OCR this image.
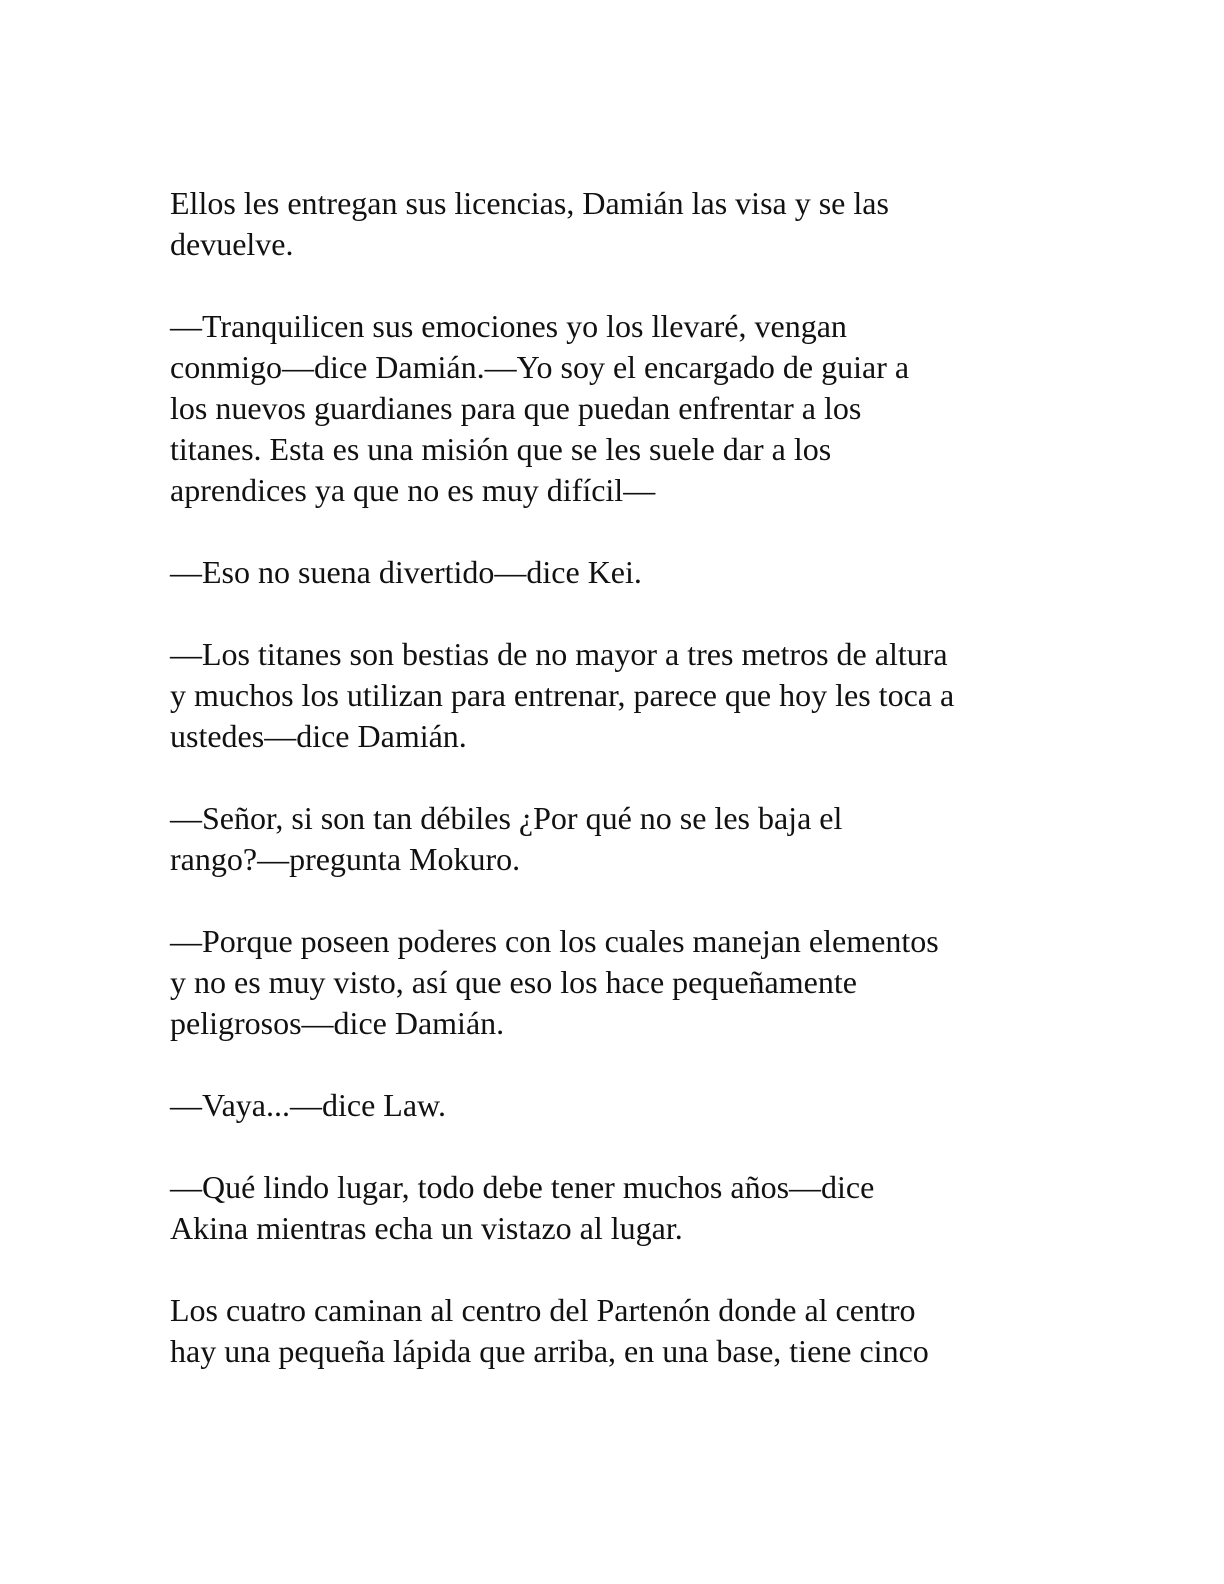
Ellos les entregan sus licencias, Damián las visa y se las
devuelve.

—Tranquilicen sus emociones yo los llevaré, vengan
conmigo—dice Damián.—Yo soy el encargado de guiar a
los nuevos guardianes para que puedan enfrentar a los
titanes. Esta es una misión que se les suele dar a los
aprendices ya que no es muy difícil—

—Eso no suena divertido—dice Kei.

—Los titanes son bestias de no mayor a tres metros de altura
y muchos los utilizan para entrenar, parece que hoy les toca a
ustedes—dice Damián.

—Señor, si son tan débiles ¿Por qué no se les baja el
rango?—pregunta Mokuro.

—Porque poseen poderes con los cuales manejan elementos
y no es muy visto, así que eso los hace pequeñamente
peligrosos—dice Damián.

—Vaya...—dice Law.

—Qué lindo lugar, todo debe tener muchos años—dice
Akina mientras echa un vistazo al lugar.

Los cuatro caminan al centro del Partenón donde al centro
hay una pequeña lápida que arriba, en una base, tiene cinco
